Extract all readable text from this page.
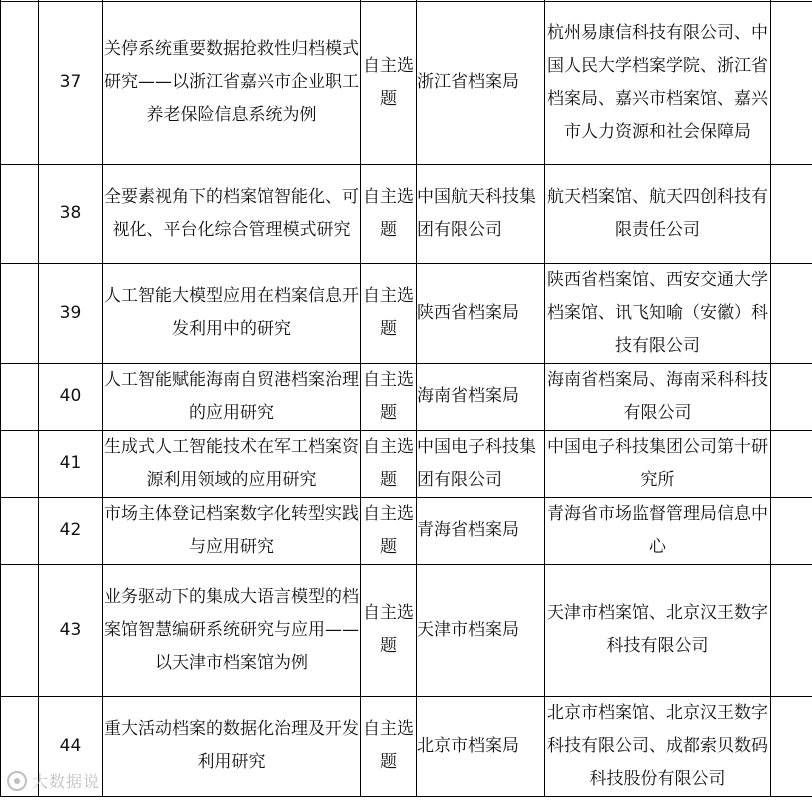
	37	关停系统重要数据抢救性归档模式研究——以浙江省嘉兴市企业职工养老保险信息系统为例	自主选题	浙江省档案局	杭州易康信科技有限公司、中国人民大学档案学院、浙江省档案局、嘉兴市档案馆、嘉兴市人力资源和社会保障局	
	38	全要素视角下的档案馆智能化、可视化、平台化综合管理模式研究	自主选题	中国航天科技集团有限公司	航天档案馆、航天四创科技有限责任公司	
	39	人工智能大模型应用在档案信息开发利用中的研究	自主选题	陕西省档案局	陕西省档案馆、西安交通大学档案馆、讯飞知喻（安徽）科技有限公司	
	40	人工智能赋能海南自贸港档案治理的应用研究	自主选题	海南省档案局	海南省档案局、海南采科科技有限公司	
	41	生成式人工智能技术在军工档案资源利用领域的应用研究	自主选题	中国电子科技集团有限公司	中国电子科技集团公司第十研究所	
	42	市场主体登记档案数字化转型实践与应用研究	自主选题	青海省档案局	青海省市场监督管理局信息中心	
	43	业务驱动下的集成大语言模型的档案馆智慧编研系统研究与应用——以天津市档案馆为例	自主选题	天津市档案局	天津市档案馆、北京汉王数字科技有限公司	
	44	重大活动档案的数据化治理及开发利用研究	自主选题	北京市档案局	北京市档案馆、北京汉王数字科技有限公司、成都索贝数码科技股份有限公司	
大数据说
